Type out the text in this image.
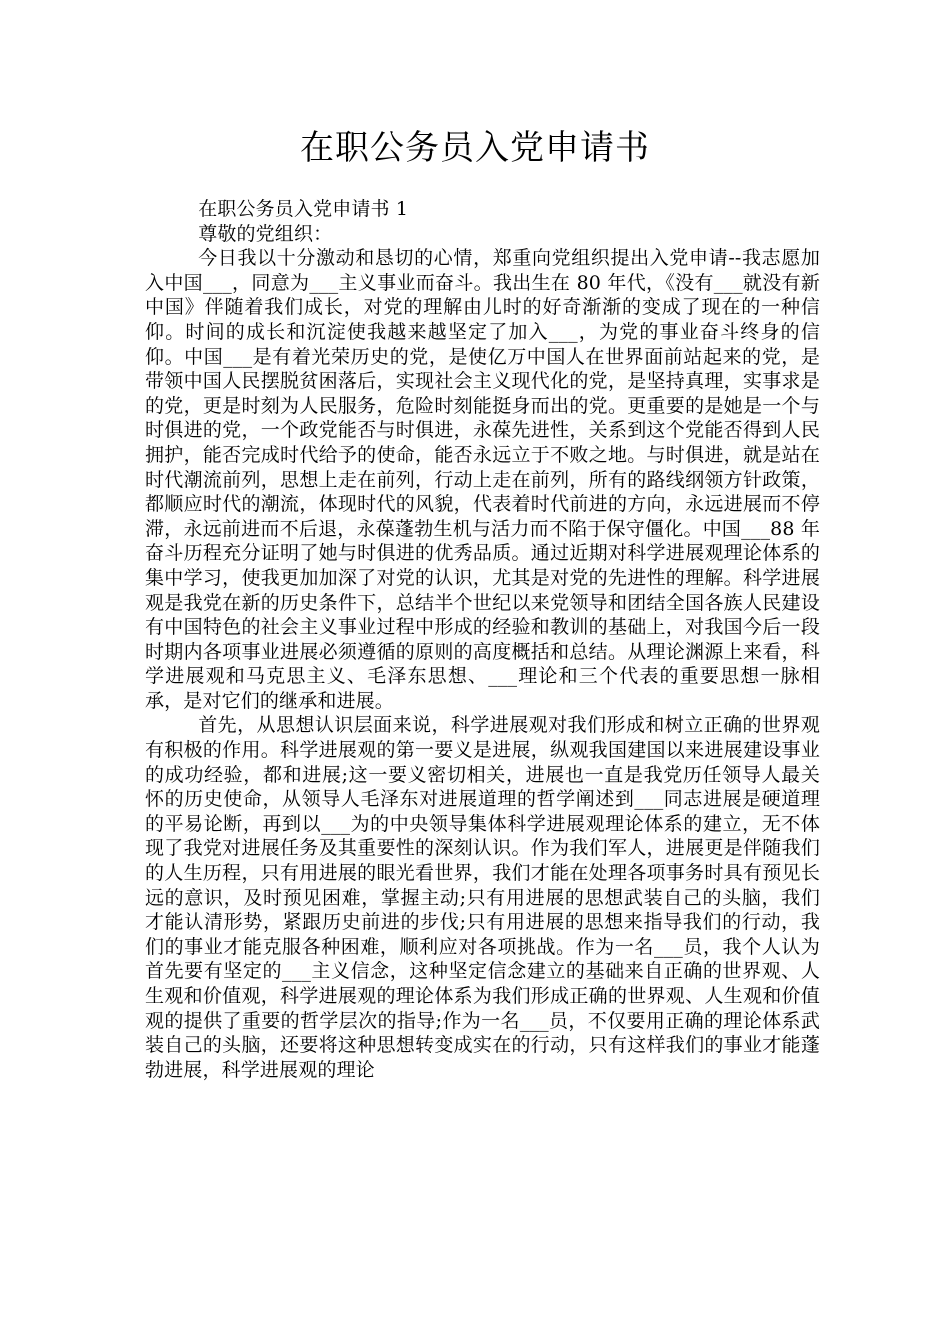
在职公务员入党申请书

在职公务员入党申请书 1

尊敬的党组织：

今日我以十分激动和恳切的心情，郑重向党组织提出入党申请--我志愿加入中国___，同意为___主义事业而奋斗。我出生在 80 年代，《没有___就没有新中国》伴随着我们成长，对党的理解由儿时的好奇渐渐的变成了现在的一种信仰。时间的成长和沉淀使我越来越坚定了加入___，为党的事业奋斗终身的信仰。中国___是有着光荣历史的党，是使亿万中国人在世界面前站起来的党，是带领中国人民摆脱贫困落后，实现社会主义现代化的党，是坚持真理，实事求是的党，更是时刻为人民服务，危险时刻能挺身而出的党。更重要的是她是一个与时俱进的党，一个政党能否与时俱进，永葆先进性，关系到这个党能否得到人民拥护，能否完成时代给予的使命，能否永远立于不败之地。与时俱进，就是站在时代潮流前列，思想上走在前列，行动上走在前列，所有的路线纲领方针政策，都顺应时代的潮流，体现时代的风貌，代表着时代前进的方向，永远进展而不停滞，永远前进而不后退，永葆蓬勃生机与活力而不陷于保守僵化。中国___88 年奋斗历程充分证明了她与时俱进的优秀品质。通过近期对科学进展观理论体系的集中学习，使我更加加深了对党的认识，尤其是对党的先进性的理解。科学进展观是我党在新的历史条件下，总结半个世纪以来党领导和团结全国各族人民建设有中国特色的社会主义事业过程中形成的经验和教训的基础上，对我国今后一段时期内各项事业进展必须遵循的原则的高度概括和总结。从理论渊源上来看，科学进展观和马克思主义、毛泽东思想、___理论和三个代表的重要思想一脉相承，是对它们的继承和进展。

首先，从思想认识层面来说，科学进展观对我们形成和树立正确的世界观有积极的作用。科学进展观的第一要义是进展，纵观我国建国以来进展建设事业的成功经验，都和进展;这一要义密切相关，进展也一直是我党历任领导人最关怀的历史使命，从领导人毛泽东对进展道理的哲学阐述到___同志进展是硬道理的平易论断，再到以___为的中央领导集体科学进展观理论体系的建立，无不体现了我党对进展任务及其重要性的深刻认识。作为我们军人，进展更是伴随我们的人生历程，只有用进展的眼光看世界，我们才能在处理各项事务时具有预见长远的意识，及时预见困难，掌握主动;只有用进展的思想武装自己的头脑，我们才能认清形势，紧跟历史前进的步伐;只有用进展的思想来指导我们的行动，我们的事业才能克服各种困难，顺利应对各项挑战。作为一名___员，我个人认为首先要有坚定的___主义信念，这种坚定信念建立的基础来自正确的世界观、人生观和价值观，科学进展观的理论体系为我们形成正确的世界观、人生观和价值观的提供了重要的哲学层次的指导;作为一名___员，不仅要用正确的理论体系武装自己的头脑，还要将这种思想转变成实在的行动，只有这样我们的事业才能蓬勃进展，科学进展观的理论
